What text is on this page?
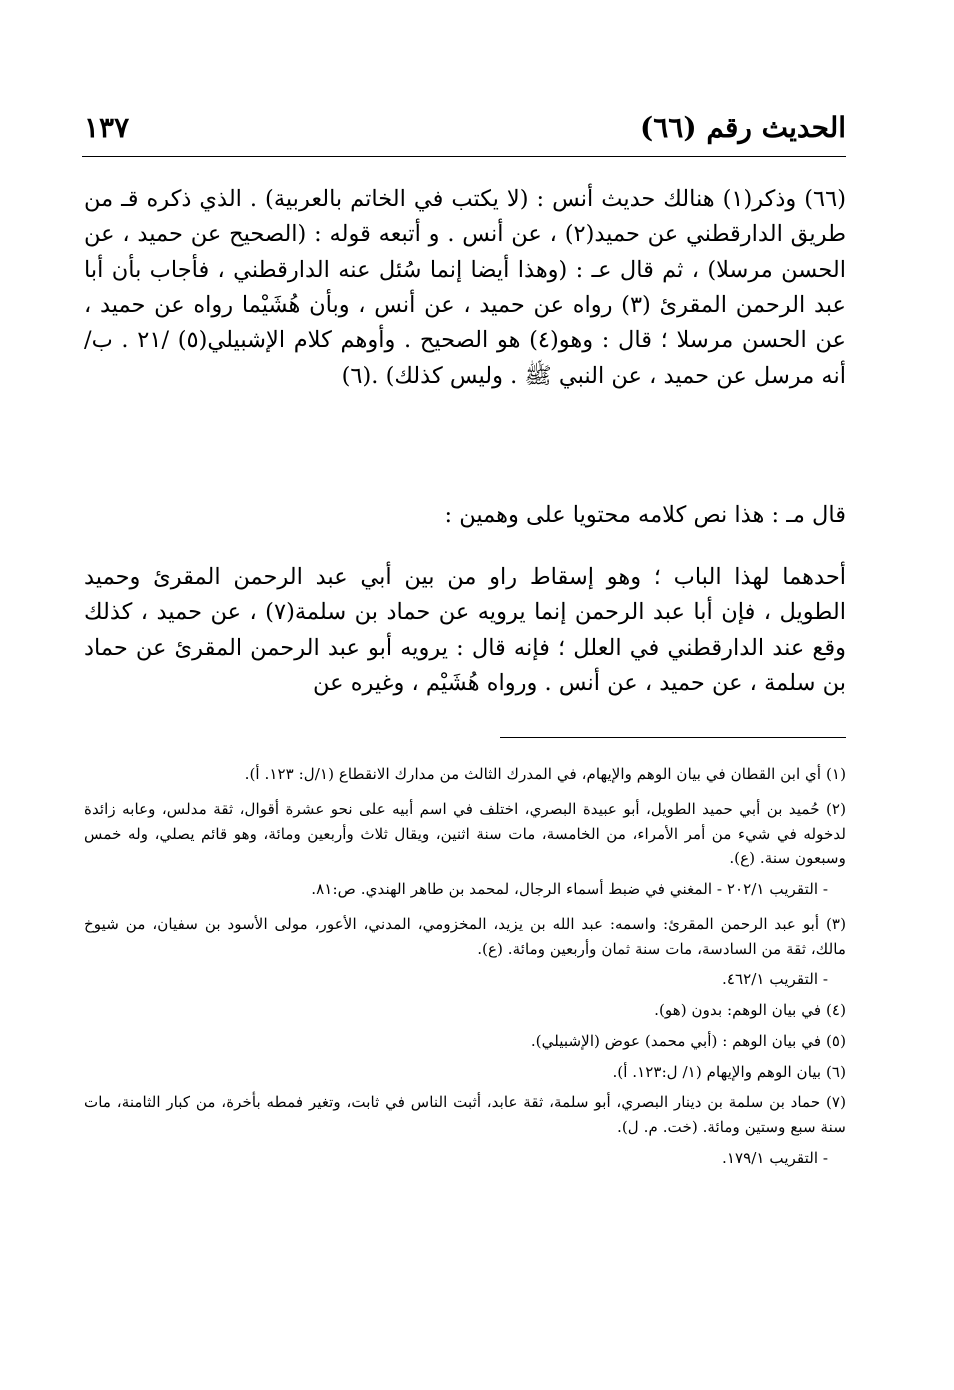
الحديث رقم (٦٦)
١٣٧

(٦٦) وذكر(١) هنالك حديث أنس : (لا يكتب في الخاتم بالعربية) . الذي ذكره قـ من طريق الدارقطني عن حميد(٢) ، عن أنس . و أتبعه قوله : (الصحيح عن حميد ، عن الحسن مرسلا) ، ثم قال عـ : (وهذا أيضا إنما سُئل عنه الدارقطني ، فأجاب بأن أبا عبد الرحمن المقرئ (٣) رواه عن حميد ، عن أنس ، وبأن هُشَيْما رواه عن حميد ، عن الحسن مرسلا ؛ قال : وهو(٤) هو الصحيح . وأوهم كلام الإشبيلي(٥) /٢١ . ب/ أنه مرسل عن حميد ، عن النبي ﷺ . وليس كذلك) .(٦)

قال مـ : هذا نص كلامه محتويا على وهمين :

أحدهما لهذا الباب ؛ وهو إسقاط راو من بين أبي عبد الرحمن المقرئ وحميد الطويل ، فإن أبا عبد الرحمن إنما يرويه عن حماد بن سلمة(٧) ، عن حميد ، كذلك وقع عند الدارقطني في العلل ؛ فإنه قال : يرويه أبو عبد الرحمن المقرئ عن حماد بن سلمة ، عن حميد ، عن أنس . ورواه هُشَيْم ، وغيره عن

(١) أي ابن القطان في بيان الوهم والإيهام، في المدرك الثالث من مدارك الانقطاع (١/ل: ١٢٣. أ).

(٢) حُميد بن أبي حميد الطويل، أبو عبيدة البصري، اختلف في اسم أبيه على نحو عشرة أقوال، ثقة مدلس، وعابه زائدة لدخوله في شيء من أمر الأمراء، من الخامسة، مات سنة اثنين، ويقال ثلاث وأربعين ومائة، وهو قائم يصلي، وله خمس وسبعون سنة. (ع).

- التقريب ٢٠٢/١ - المغني في ضبط أسماء الرجال، لمحمد بن طاهر الهندي. ص:٨١.

(٣) أبو عبد الرحمن المقرئ: واسمه: عبد الله بن يزيد، المخزومي، المدني، الأعور، مولى الأسود بن سفيان، من شيوخ مالك، ثقة من السادسة، مات سنة ثمان وأربعين ومائة. (ع).

- التقريب ٤٦٢/١.

(٤) في بيان الوهم: بدون (هو).

(٥) في بيان الوهم : (أبي محمد) عوض (الإشبيلي).

(٦) بيان الوهم والإيهام (١/ ل:١٢٣. أ).

(٧) حماد بن سلمة بن دينار البصري، أبو سلمة، ثقة عابد، أثبت الناس في ثابت، وتغير فمطه بأخرة، من كبار الثامنة، مات سنة سبع وستين ومائة. (خت. م. ل).

- التقريب ١٧٩/١.
